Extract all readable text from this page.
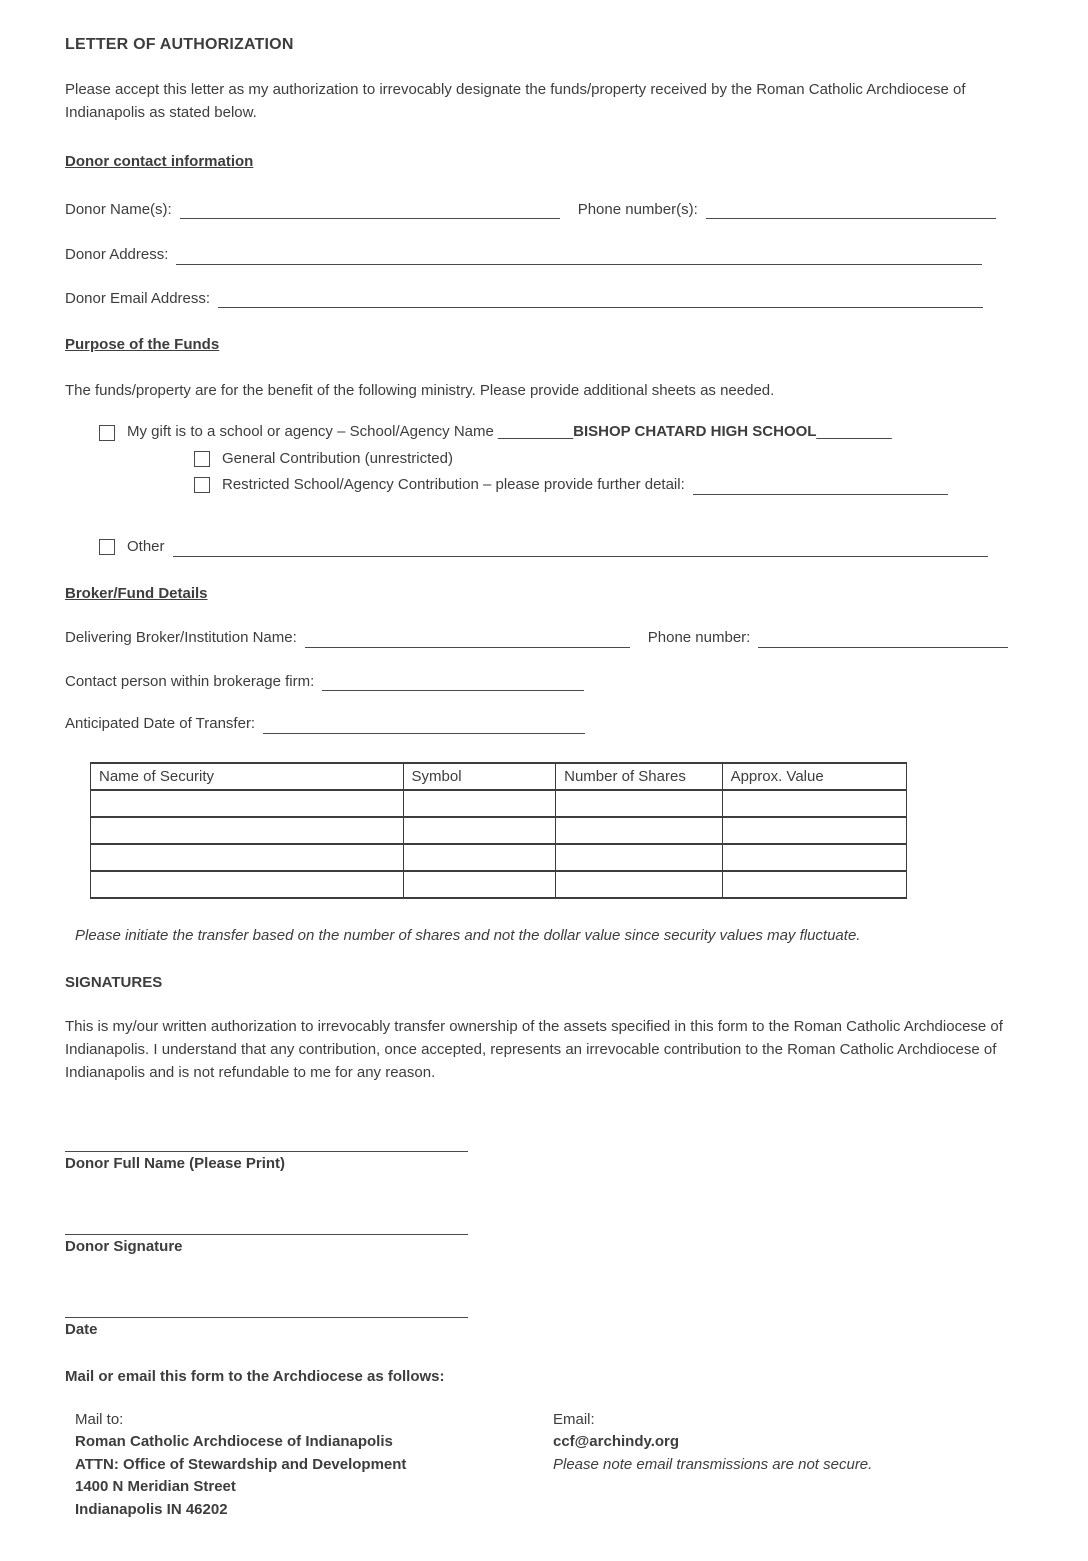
LETTER OF AUTHORIZATION
Please accept this letter as my authorization to irrevocably designate the funds/property received by the Roman Catholic Archdiocese of Indianapolis as stated below.
Donor contact information
Donor Name(s):	Phone number(s):
Donor Address:
Donor Email Address:
Purpose of the Funds
The funds/property are for the benefit of the following ministry. Please provide additional sheets as needed.
My gift is to a school or agency – School/Agency Name _________BISHOP CHATARD HIGH SCHOOL_________
General Contribution (unrestricted)
Restricted School/Agency Contribution – please provide further detail:
Other
Broker/Fund Details
Delivering Broker/Institution Name:	Phone number:
Contact person within brokerage firm:
Anticipated Date of Transfer:
Name of Security	Symbol	Number of Shares	Approx. Value

Please initiate the transfer based on the number of shares and not the dollar value since security values may fluctuate.
SIGNATURES
This is my/our written authorization to irrevocably transfer ownership of the assets specified in this form to the Roman Catholic Archdiocese of Indianapolis. I understand that any contribution, once accepted, represents an irrevocable contribution to the Roman Catholic Archdiocese of Indianapolis and is not refundable to me for any reason.
Donor Full Name (Please Print)
Donor Signature
Date
Mail or email this form to the Archdiocese as follows:
Mail to:
Roman Catholic Archdiocese of Indianapolis
ATTN: Office of Stewardship and Development
1400 N Meridian Street
Indianapolis IN 46202
Email:
ccf@archindy.org
Please note email transmissions are not secure.
